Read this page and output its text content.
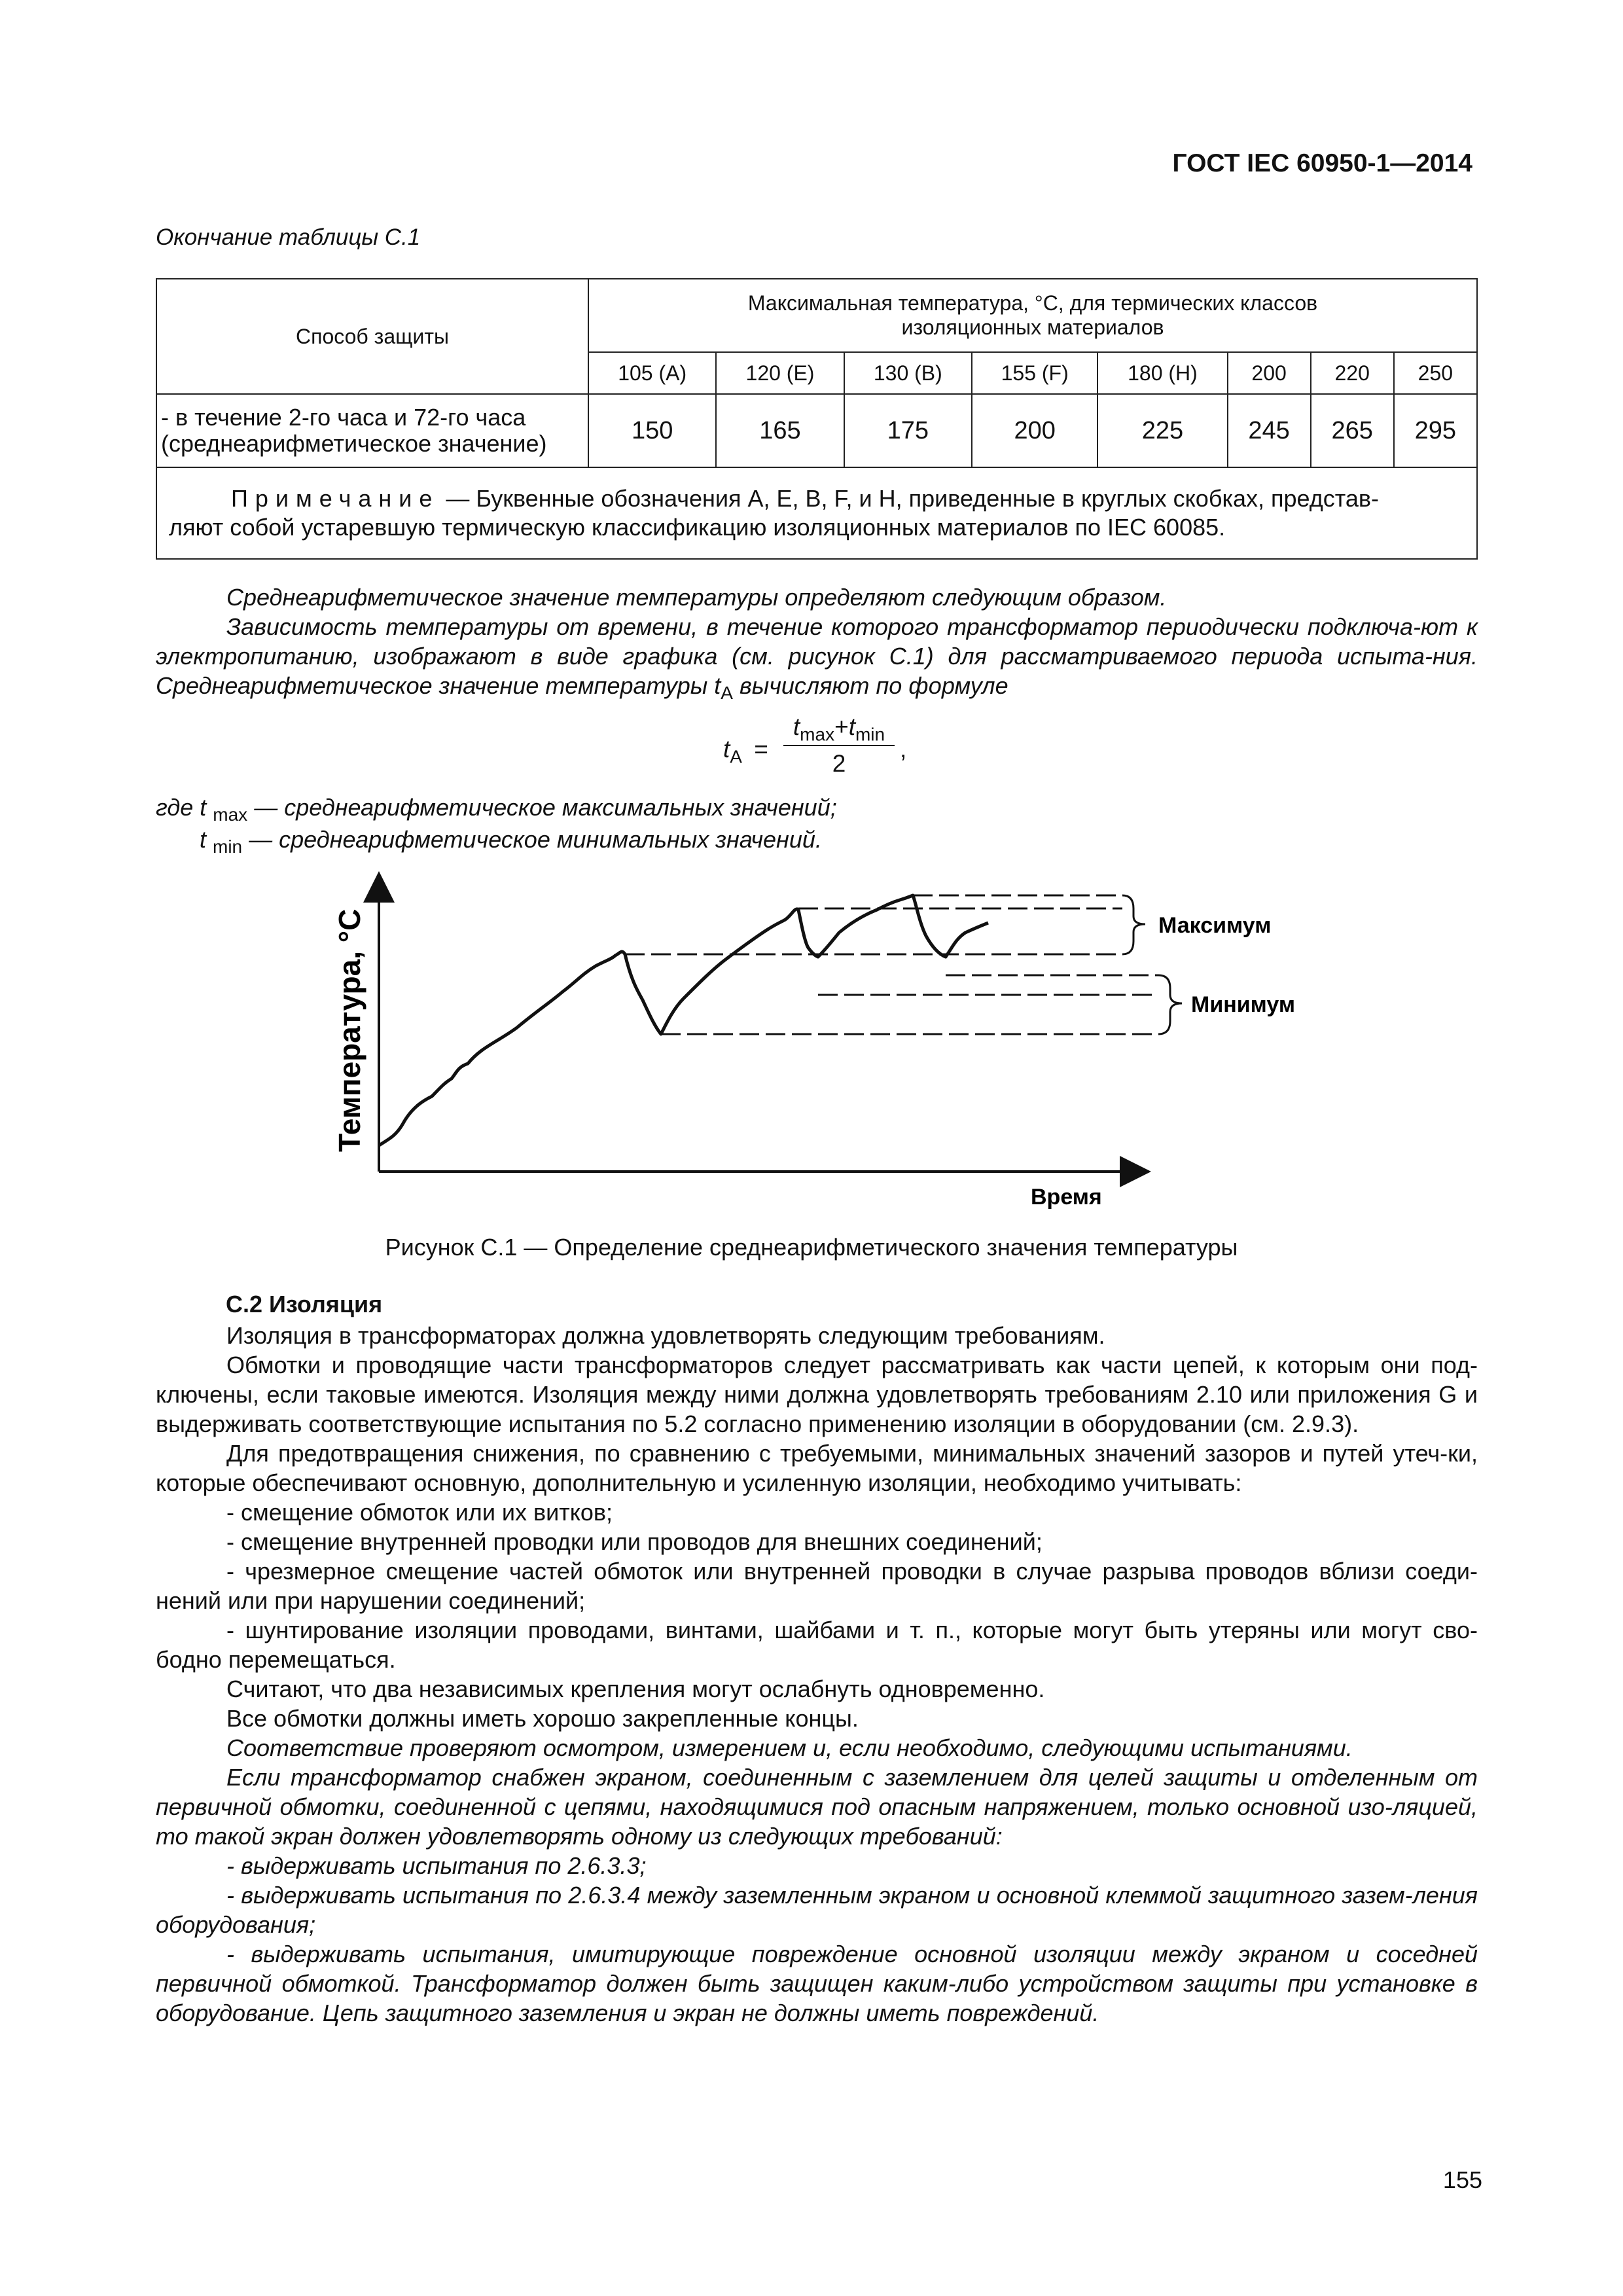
ГОСТ IEC 60950-1—2014
Окончание таблицы С.1
Способ защиты	Максимальная температура, °С, для термических классов
изоляционных материалов							

	105 (А)	120 (Е)	130 (В)	155 (F)	180 (Н)	200	220	250

- в течение 2-го часа и 72-го часа
(среднеарифметическое значение)	150	165	175	200	225	245	265	295

Примечание — Буквенные обозначения А, Е, В, F, и Н, приведенные в круглых скобках, представ-
ляют собой устаревшую термическую классификацию изоляционных материалов по IEC 60085.								
Среднеарифметическое значение температуры определяют следующим образом.
Зависимость температуры от времени, в течение которого трансформатор периодически подключа-ют к электропитанию, изображают в виде графика (см. рисунок С.1) для рассматриваемого периода испыта-ния. Среднеарифметическое значение температуры $t_A$ вычисляют по формуле
$t_A$ =
$t_{max}+t_{min}$
2
,
где t $_{max}$ — среднеарифметическое максимальных значений;
t $_{min}$ — среднеарифметическое минимальных значений.
Максимум
Минимум
Время
Температура, °С
Рисунок С.1 — Определение среднеарифметического значения температуры
С.2 Изоляция
Изоляция в трансформаторах должна удовлетворять следующим требованиям.
Обмотки и проводящие части трансформаторов следует рассматривать как части цепей, к которым они под-ключены, если таковые имеются. Изоляция между ними должна удовлетворять требованиям 2.10 или приложения G и выдерживать соответствующие испытания по 5.2 согласно применению изоляции в оборудовании (см. 2.9.3).
Для предотвращения снижения, по сравнению с требуемыми, минимальных значений зазоров и путей утеч-ки, которые обеспечивают основную, дополнительную и усиленную изоляции, необходимо учитывать:
- смещение обмоток или их витков;
- смещение внутренней проводки или проводов для внешних соединений;
- чрезмерное смещение частей обмоток или внутренней проводки в случае разрыва проводов вблизи соеди-нений или при нарушении соединений;
- шунтирование изоляции проводами, винтами, шайбами и т. п., которые могут быть утеряны или могут сво-бодно перемещаться.
Считают, что два независимых крепления могут ослабнуть одновременно.
Все обмотки должны иметь хорошо закрепленные концы.
Соответствие проверяют осмотром, измерением и, если необходимо, следующими испытаниями.
Если трансформатор снабжен экраном, соединенным с заземлением для целей защиты и отделенным от первичной обмотки, соединенной с цепями, находящимися под опасным напряжением, только основной изо-ляцией, то такой экран должен удовлетворять одному из следующих требований:
- выдерживать испытания по 2.6.3.3;
- выдерживать испытания по 2.6.3.4 между заземленным экраном и основной клеммой защитного зазем-ления оборудования;
- выдерживать испытания, имитирующие повреждение основной изоляции между экраном и соседней первичной обмоткой. Трансформатор должен быть защищен каким-либо устройством защиты при установке в оборудование. Цепь защитного заземления и экран не должны иметь повреждений.
155
